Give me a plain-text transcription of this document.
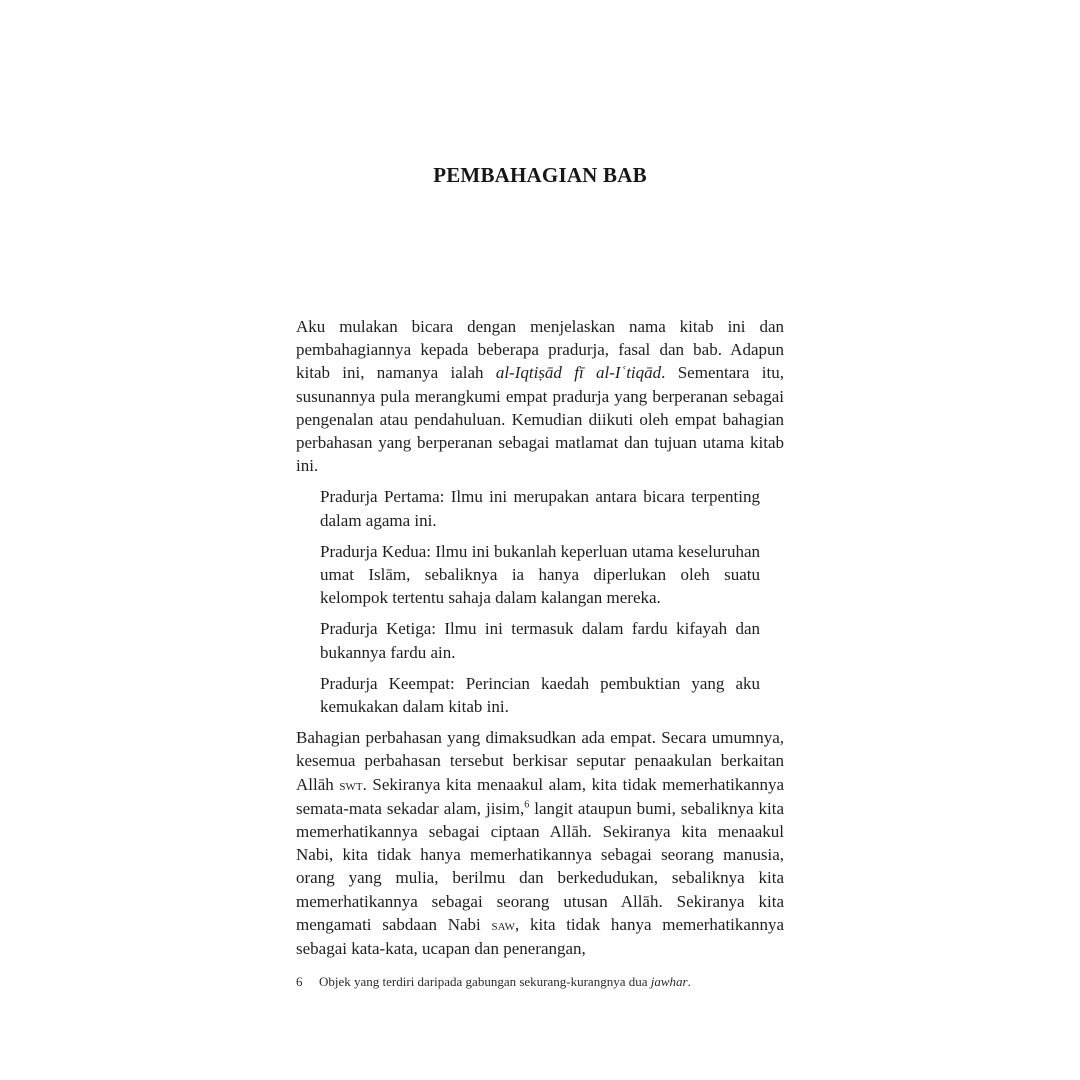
PEMBAHAGIAN BAB

Aku mulakan bicara dengan menjelaskan nama kitab ini dan pembahagiannya kepada beberapa pradurja, fasal dan bab. Adapun kitab ini, namanya ialah al-Iqtiṣād fī al-Iʿtiqād. Sementara itu, susunannya pula merangkumi empat pradurja yang berperanan sebagai pengenalan atau pendahuluan. Kemudian diikuti oleh empat bahagian perbahasan yang berperanan sebagai matlamat dan tujuan utama kitab ini.

Pradurja Pertama: Ilmu ini merupakan antara bicara terpenting dalam agama ini.

Pradurja Kedua: Ilmu ini bukanlah keperluan utama keseluruhan umat Islām, sebaliknya ia hanya diperlukan oleh suatu kelompok tertentu sahaja dalam kalangan mereka.

Pradurja Ketiga: Ilmu ini termasuk dalam fardu kifayah dan bukannya fardu ain.

Pradurja Keempat: Perincian kaedah pembuktian yang aku kemukakan dalam kitab ini.

Bahagian perbahasan yang dimaksudkan ada empat. Secara umumnya, kesemua perbahasan tersebut berkisar seputar penaakulan berkaitan Allāh swt. Sekiranya kita menaakul alam, kita tidak memerhatikannya semata-mata sekadar alam, jisim,$^6$ langit ataupun bumi, sebaliknya kita memerhatikannya sebagai ciptaan Allāh. Sekiranya kita menaakul Nabi, kita tidak hanya memerhatikannya sebagai seorang manusia, orang yang mulia, berilmu dan berkedudukan, sebaliknya kita memerhatikannya sebagai seorang utusan Allāh. Sekiranya kita mengamati sabdaan Nabi saw, kita tidak hanya memerhatikannya sebagai kata-kata, ucapan dan penerangan,

6 Objek yang terdiri daripada gabungan sekurang-kurangnya dua jawhar.
